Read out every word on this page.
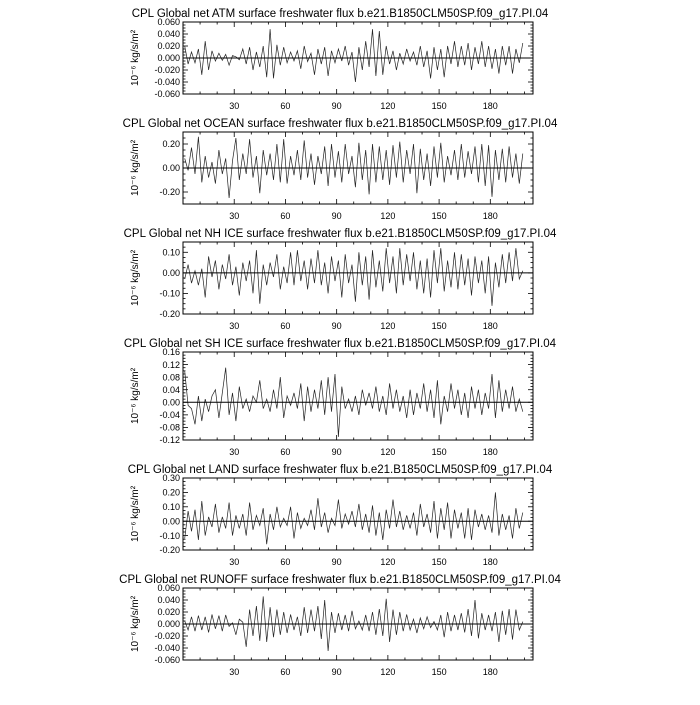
CPL Global net ATM surface freshwater flux b.e21.B1850CLM50SP.f09_g17.PI.04
10⁻⁶ kg/s/m²
30	60	90	120	150	180
-0.060
-0.040
-0.020
0.000
0.020
0.040
0.060
CPL Global net OCEAN surface freshwater flux b.e21.B1850CLM50SP.f09_g17.PI.04
10⁻⁶ kg/s/m²
30	60	90	120	150	180
-0.20
0.00
0.20
CPL Global net NH ICE surface freshwater flux b.e21.B1850CLM50SP.f09_g17.PI.04
10⁻⁶ kg/s/m²
30	60	90	120	150	180
-0.20
-0.10
0.00
0.10
CPL Global net SH ICE surface freshwater flux b.e21.B1850CLM50SP.f09_g17.PI.04
10⁻⁶ kg/s/m²
30	60	90	120	150	180
-0.12
-0.08
-0.04
0.00
0.04
0.08
0.12
0.16
CPL Global net LAND surface freshwater flux b.e21.B1850CLM50SP.f09_g17.PI.04
10⁻⁶ kg/s/m²
30	60	90	120	150	180
-0.20
-0.10
0.00
0.10
0.20
0.30
CPL Global net RUNOFF surface freshwater flux b.e21.B1850CLM50SP.f09_g17.PI.04
10⁻⁶ kg/s/m²
30	60	90	120	150	180
-0.060
-0.040
-0.020
0.000
0.020
0.040
0.060
